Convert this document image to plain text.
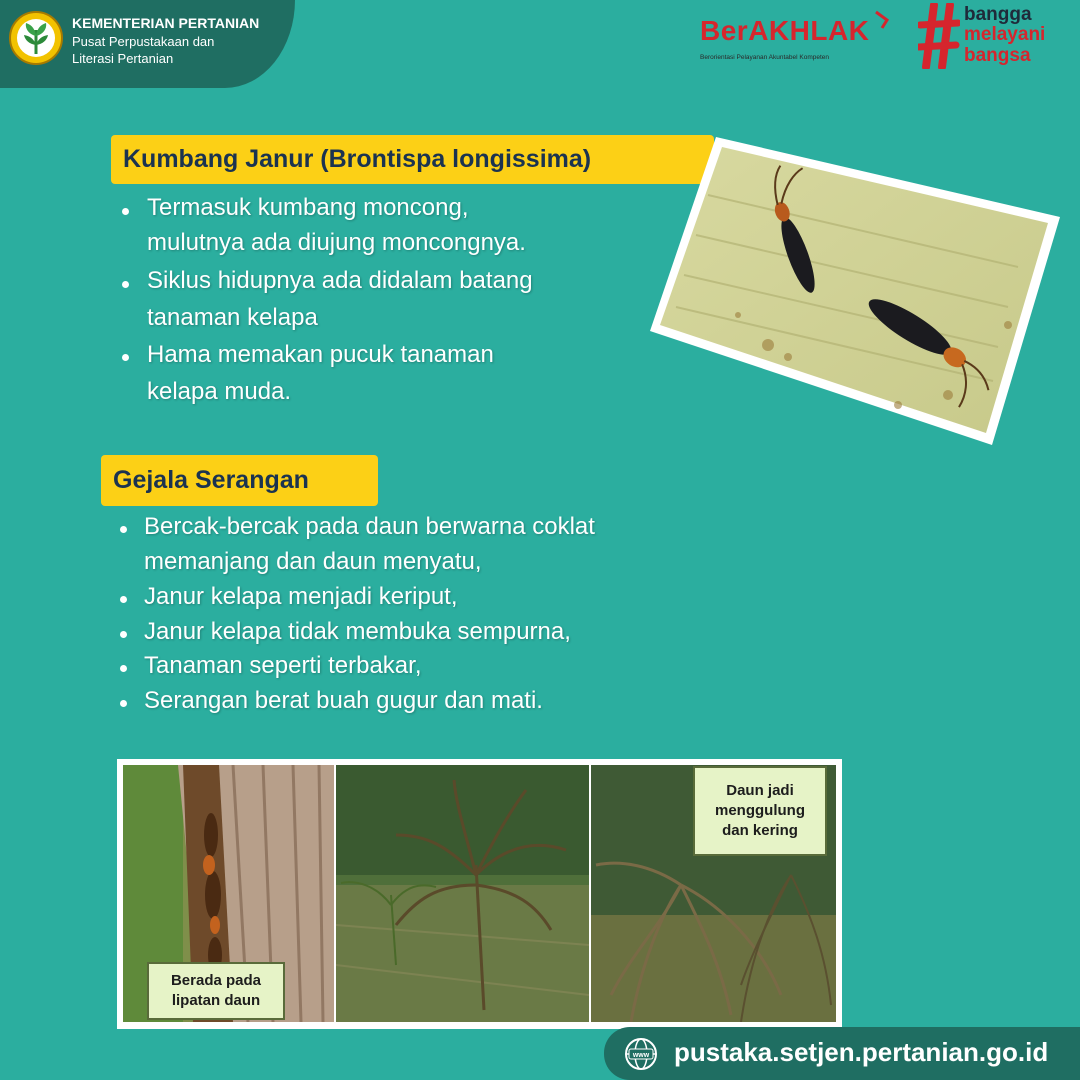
KEMENTERIAN PERTANIAN
Pusat Perpustakaan dan
Literasi Pertanian
BerAKHLAK
Berorientasi Pelayanan Akuntabel Kompeten
bangga
melayani
bangsa
Kumbang Janur (Brontispa longissima)
Termasuk kumbang moncong,
mulutnya ada diujung moncongnya.
Siklus hidupnya ada didalam batang
tanaman kelapa
Hama memakan pucuk tanaman
kelapa muda.
Gejala Serangan
Bercak-bercak pada daun berwarna coklat
memanjang dan daun menyatu,
Janur kelapa menjadi keriput,
Janur kelapa tidak membuka sempurna,
Tanaman seperti terbakar,
Serangan berat buah gugur dan mati.
Berada pada
lipatan daun
Daun jadi
menggulung
dan kering
www pustaka.setjen.pertanian.go.id
